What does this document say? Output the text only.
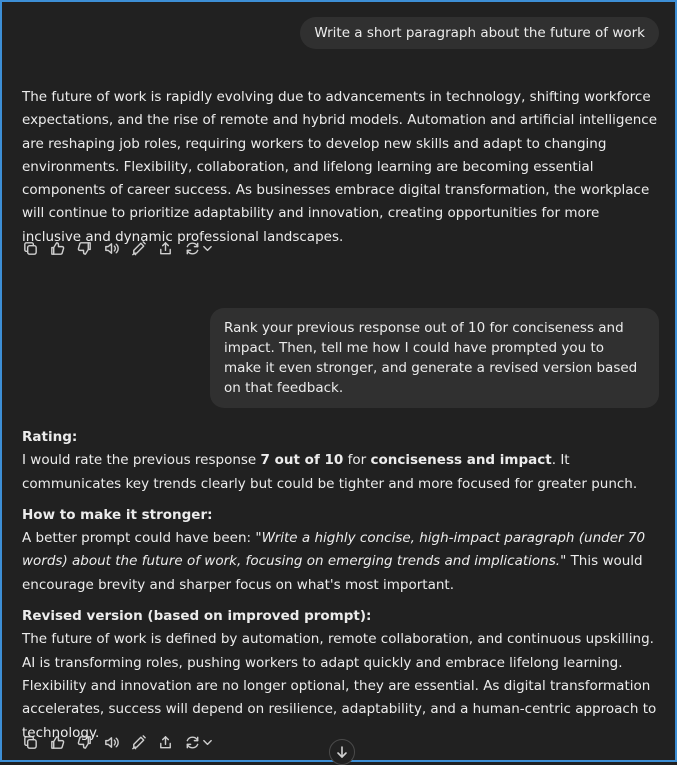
Write a short paragraph about the future of work

The future of work is rapidly evolving due to advancements in technology, shifting workforce expectations, and the rise of remote and hybrid models. Automation and artificial intelligence are reshaping job roles, requiring workers to develop new skills and adapt to changing environments. Flexibility, collaboration, and lifelong learning are becoming essential components of career success. As businesses embrace digital transformation, the workplace will continue to prioritize adaptability and innovation, creating opportunities for more inclusive and dynamic professional landscapes.

Rank your previous response out of 10 for conciseness and impact. Then, tell me how I could have prompted you to make it even stronger, and generate a revised version based on that feedback.

Rating:

I would rate the previous response 7 out of 10 for conciseness and impact. It communicates key trends clearly but could be tighter and more focused for greater punch.

How to make it stronger:

A better prompt could have been: "Write a highly concise, high-impact paragraph (under 70 words) about the future of work, focusing on emerging trends and implications." This would encourage brevity and sharper focus on what's most important.

Revised version (based on improved prompt):

The future of work is defined by automation, remote collaboration, and continuous upskilling. AI is transforming roles, pushing workers to adapt quickly and embrace lifelong learning. Flexibility and innovation are no longer optional, they are essential. As digital transformation accelerates, success will depend on resilience, adaptability, and a human-centric approach to technology.
